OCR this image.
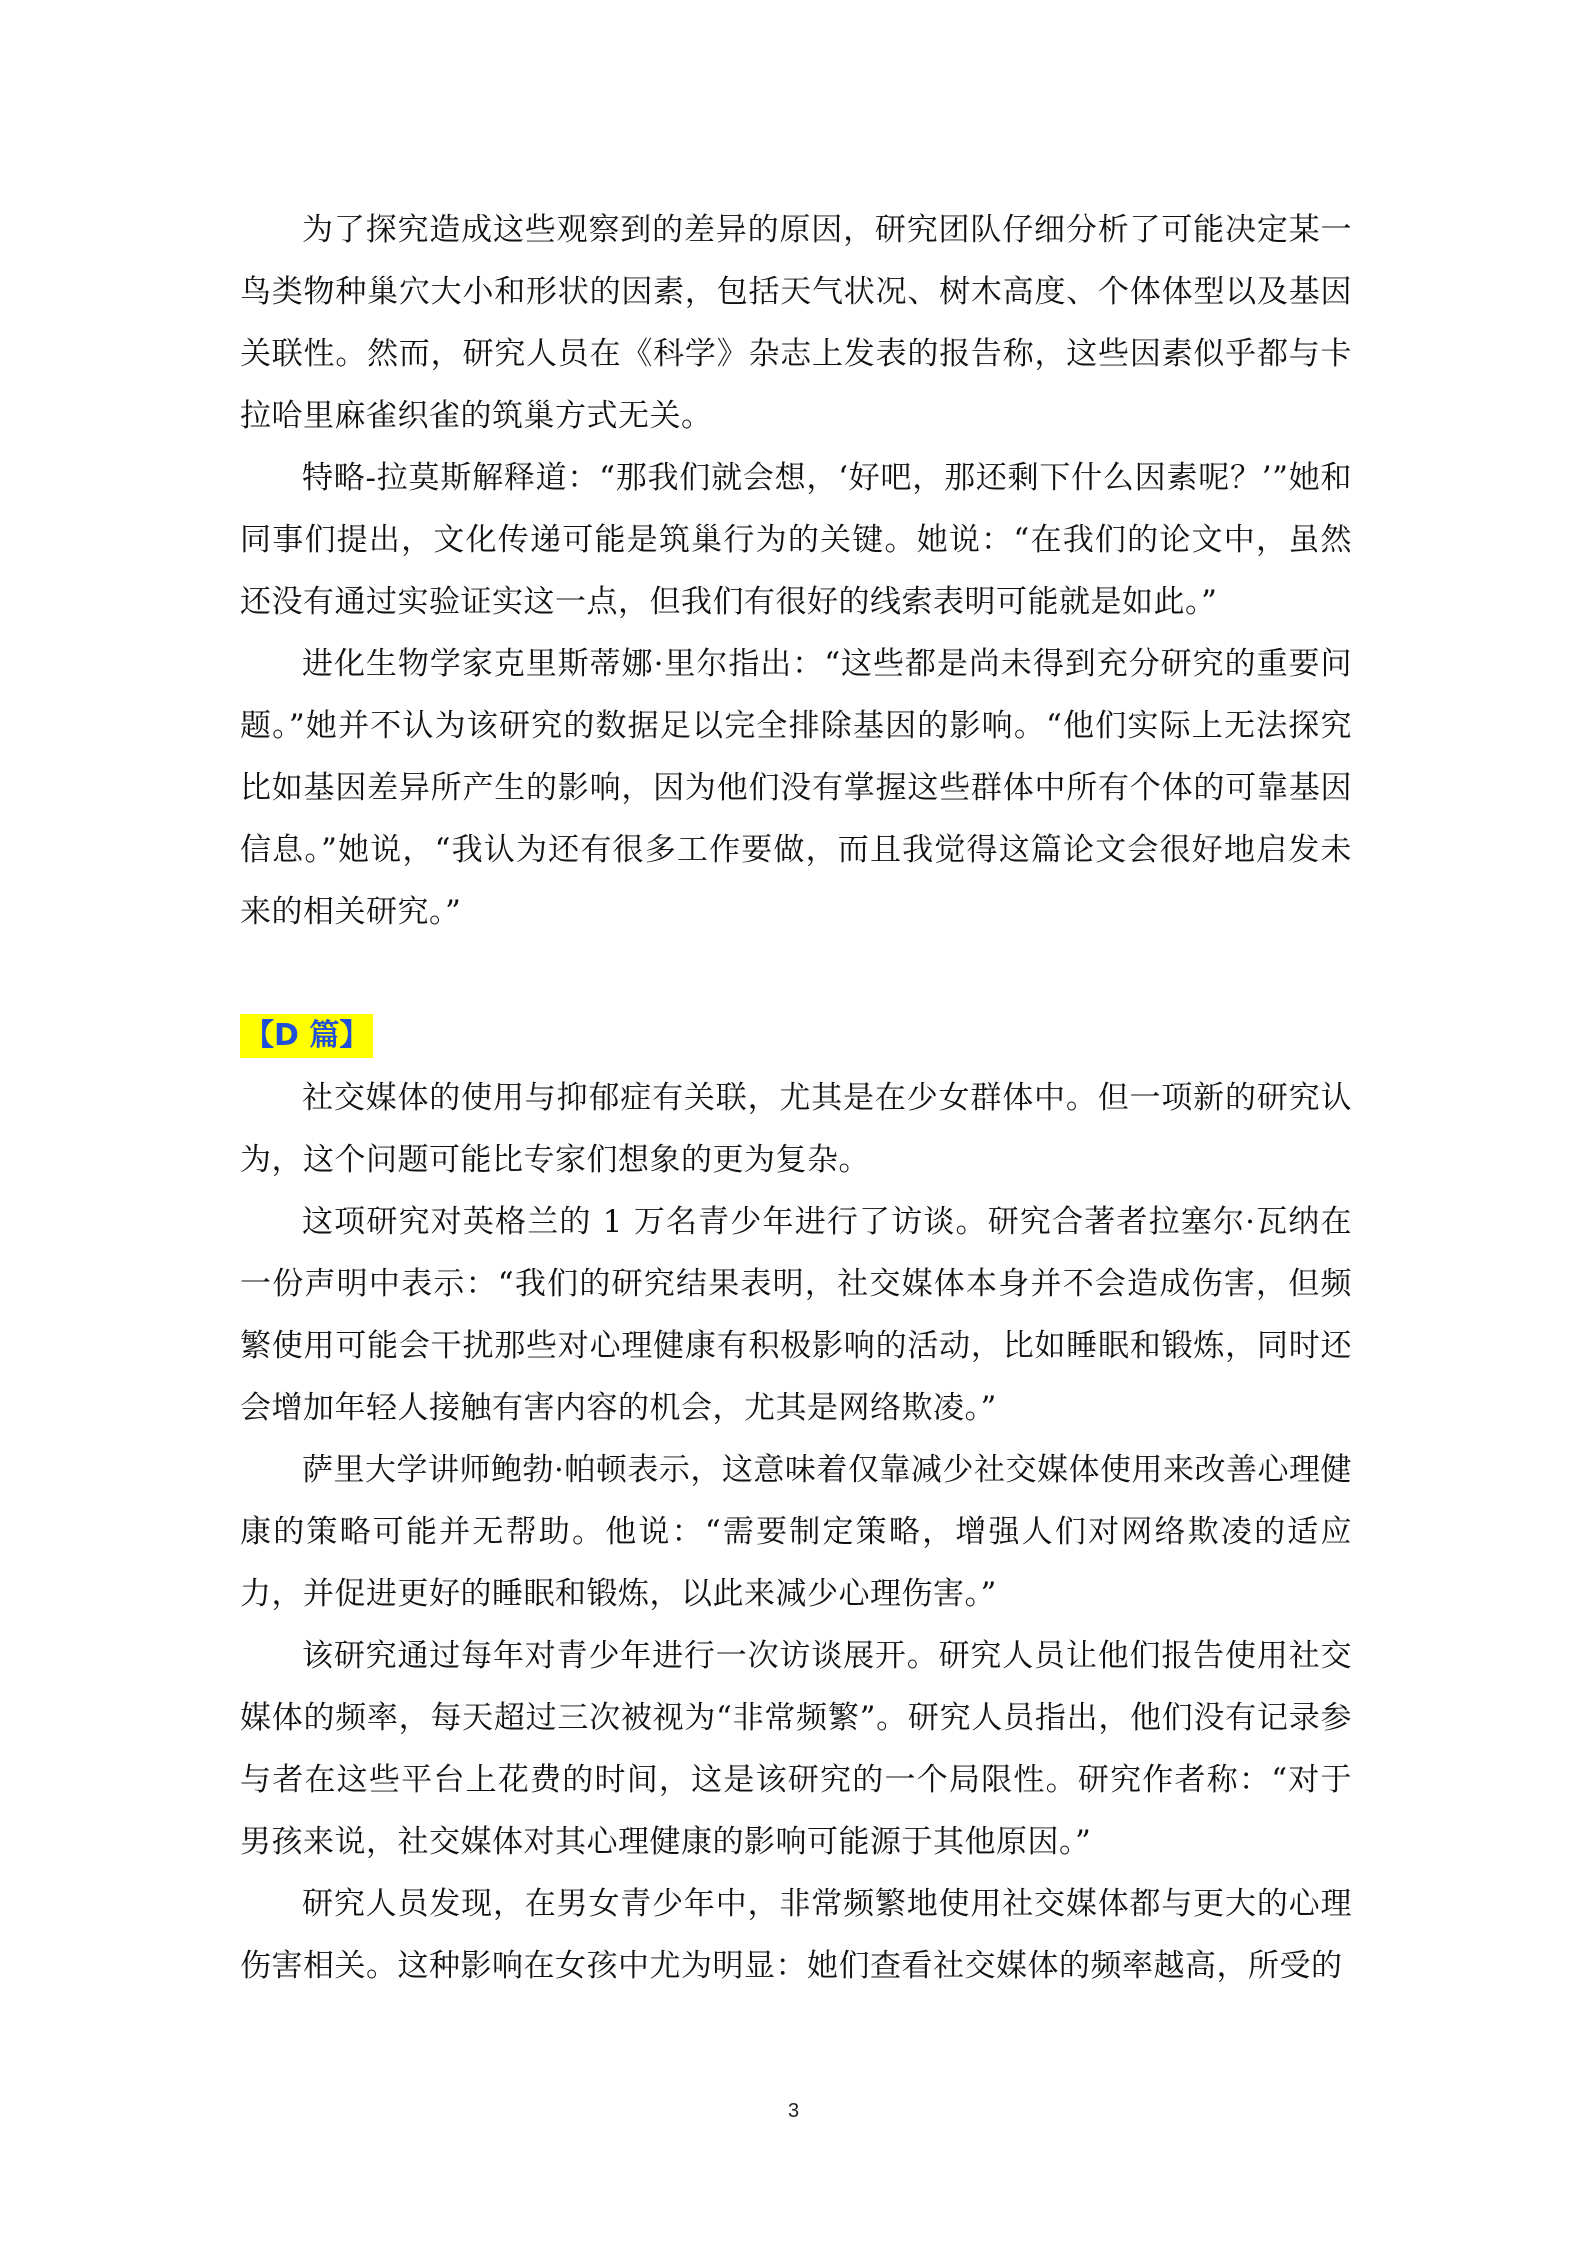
为了探究造成这些观察到的差异的原因，研究团队仔细分析了可能决定某一鸟类物种巢穴大小和形状的因素，包括天气状况、树木高度、个体体型以及基因关联性。然而，研究人员在《科学》杂志上发表的报告称，这些因素似乎都与卡拉哈里麻雀织雀的筑巢方式无关。

特略-拉莫斯解释道：“那我们就会想，‘好吧，那还剩下什么因素呢？’”她和同事们提出，文化传递可能是筑巢行为的关键。她说：“在我们的论文中，虽然还没有通过实验证实这一点，但我们有很好的线索表明可能就是如此。”

进化生物学家克里斯蒂娜·里尔指出：“这些都是尚未得到充分研究的重要问题。”她并不认为该研究的数据足以完全排除基因的影响。“他们实际上无法探究比如基因差异所产生的影响，因为他们没有掌握这些群体中所有个体的可靠基因信息。”她说，“我认为还有很多工作要做，而且我觉得这篇论文会很好地启发未来的相关研究。”

【D 篇】

社交媒体的使用与抑郁症有关联，尤其是在少女群体中。但一项新的研究认为，这个问题可能比专家们想象的更为复杂。

这项研究对英格兰的 1 万名青少年进行了访谈。研究合著者拉塞尔·瓦纳在一份声明中表示：“我们的研究结果表明，社交媒体本身并不会造成伤害，但频繁使用可能会干扰那些对心理健康有积极影响的活动，比如睡眠和锻炼，同时还会增加年轻人接触有害内容的机会，尤其是网络欺凌。”

萨里大学讲师鲍勃·帕顿表示，这意味着仅靠减少社交媒体使用来改善心理健康的策略可能并无帮助。他说：“需要制定策略，增强人们对网络欺凌的适应力，并促进更好的睡眠和锻炼，以此来减少心理伤害。”

该研究通过每年对青少年进行一次访谈展开。研究人员让他们报告使用社交媒体的频率，每天超过三次被视为“非常频繁”。研究人员指出，他们没有记录参与者在这些平台上花费的时间，这是该研究的一个局限性。研究作者称：“对于男孩来说，社交媒体对其心理健康的影响可能源于其他原因。”

研究人员发现，在男女青少年中，非常频繁地使用社交媒体都与更大的心理伤害相关。这种影响在女孩中尤为明显：她们查看社交媒体的频率越高，所受的

3
